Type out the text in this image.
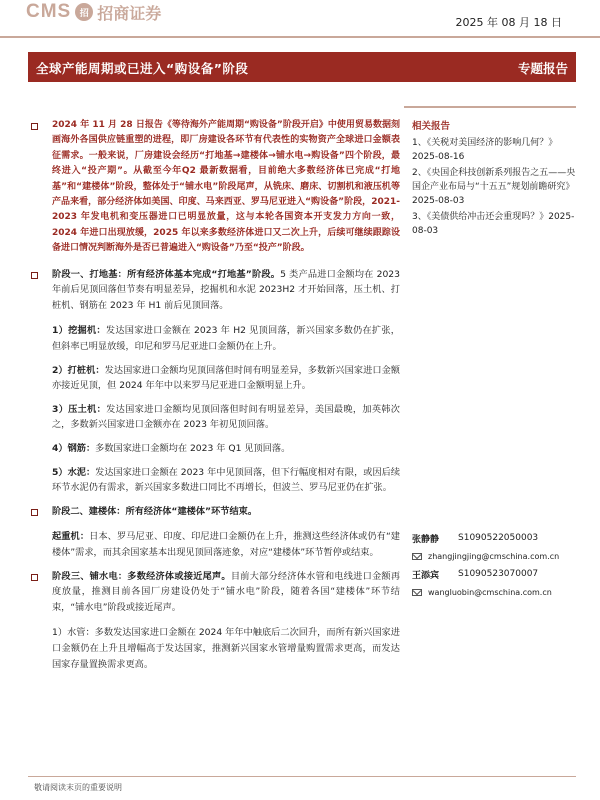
CMS 招 招商证券	2025 年 08 月 18 日
全球产能周期或已进入“购设备”阶段	专题报告

2024 年 11 月 28 日报告《等待海外产能周期“购设备”阶段开启》中使用贸易数据刻画海外各国供应链重塑的进程，即厂房建设各环节有代表性的实物资产全球进口金额表征需求。一般来说，厂房建设会经历“打地基→建楼体→铺水电→购设备”四个阶段，最终进入“投产期”。从截至今年Q2 最新数据看，目前绝大多数经济体已完成“打地基”和“建楼体”阶段，整体处于“铺水电”阶段尾声，从铣床、磨床、切割机和液压机等产品来看，部分经济体如美国、印度、马来西亚、罗马尼亚进入“购设备”阶段，2021-2023 年发电机和变压器进口已明显放量，这与本轮各国资本开支发力方向一致，2024 年进口出现放缓，2025 年以来多数经济体进口又二次上升，后续可继续跟踪设备进口情况判断海外是否已普遍进入“购设备”乃至“投产”阶段。

阶段一、打地基：所有经济体基本完成“打地基”阶段。5 类产品进口金额均在 2023 年前后见顶回落但节奏有明显差异，挖掘机和水泥 2023H2 才开始回落，压土机、打桩机、钢筋在 2023 年 H1 前后见顶回落。

1）挖掘机：发达国家进口金额在 2023 年 H2 见顶回落，新兴国家多数仍在扩张，但斜率已明显放缓，印尼和罗马尼亚进口金额仍在上升。

2）打桩机：发达国家进口金额均见顶回落但时间有明显差异，多数新兴国家进口金额亦接近见顶，但 2024 年年中以来罗马尼亚进口金额明显上升。

3）压土机：发达国家进口金额均见顶回落但时间有明显差异，美国最晚，加英韩次之，多数新兴国家进口金额亦在 2023 年初见顶回落。

4）钢筋：多数国家进口金额均在 2023 年 Q1 见顶回落。

5）水泥：发达国家进口金额在 2023 年中见顶回落，但下行幅度相对有限，或因后续环节水泥仍有需求，新兴国家多数进口同比不再增长，但波兰、罗马尼亚仍在扩张。

阶段二、建楼体：所有经济体“建楼体”环节结束。

起重机：日本、罗马尼亚、印度、印尼进口金额仍在上升，推测这些经济体或仍有“建楼体”需求，而其余国家基本出现见顶回落迹象，对应“建楼体”环节暂停或结束。

阶段三、铺水电：多数经济体或接近尾声。目前大部分经济体水管和电线进口金额再度放量，推测目前各国厂房建设仍处于“铺水电”阶段，随着各国“建楼体”环节结束，“铺水电”阶段或接近尾声。

1）水管：多数发达国家进口金额在 2024 年年中触底后二次回升，而所有新兴国家进口金额仍在上升且增幅高于发达国家，推测新兴国家水管增量购置需求更高，而发达国家存量置换需求更高。

相关报告
1、《关税对美国经济的影响几何？》2025-08-16
2、《央国企科技创新系列报告之五——央国企产业布局与“十五五”规划前瞻研究》2025-08-03
3、《美债供给冲击还会重现吗？》2025-08-03
张静静	S1090522050003
zhangjingjing@cmschina.com.cn
王添宾	S1090523070007
wangluobin@cmschina.com.cn
敬请阅读末页的重要说明
